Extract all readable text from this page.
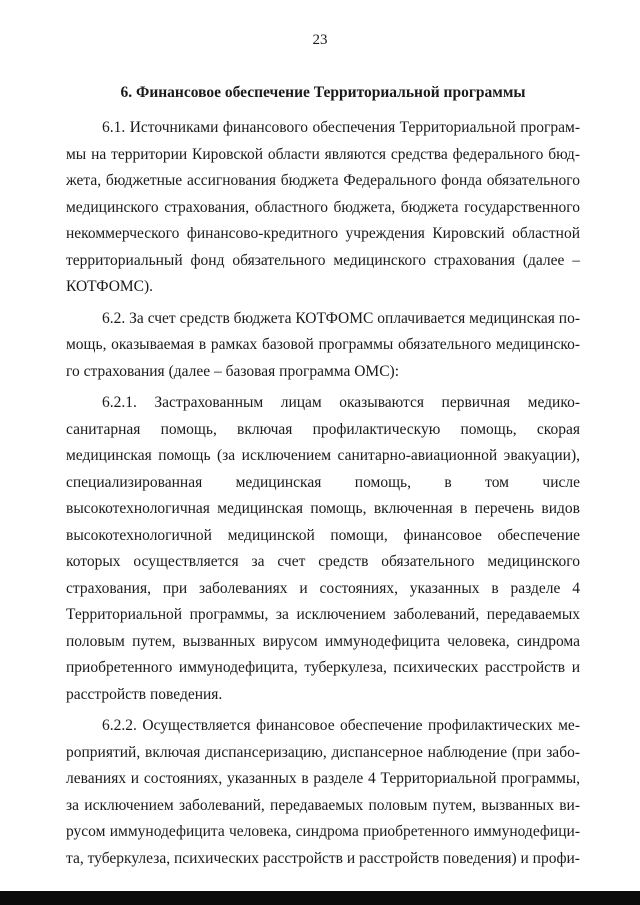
23
6. Финансовое обеспечение Территориальной программы

6.1. Источниками финансового обеспечения Территориальной программы на территории Кировской области являются средства федерального бюджета, бюджетные ассигнования бюджета Федерального фонда обязательного медицинского страхования, областного бюджета, бюджета государственного некоммерческого финансово-кредитного учреждения Кировский областной территориальный фонд обязательного медицинского страхования (далее – КОТФОМС).

6.2. За счет средств бюджета КОТФОМС оплачивается медицинская помощь, оказываемая в рамках базовой программы обязательного медицинского страхования (далее – базовая программа ОМС):

6.2.1. Застрахованным лицам оказываются первичная медико-санитарная помощь, включая профилактическую помощь, скорая медицинская помощь (за исключением санитарно-авиационной эвакуации), специализированная медицинская помощь, в том числе высокотехнологичная медицинская помощь, включенная в перечень видов высокотехнологичной медицинской помощи, финансовое обеспечение которых осуществляется за счет средств обязательного медицинского страхования, при заболеваниях и состояниях, указанных в разделе 4 Территориальной программы, за исключением заболеваний, передаваемых половым путем, вызванных вирусом иммунодефицита человека, синдрома приобретенного иммунодефицита, туберкулеза, психических расстройств и расстройств поведения.

6.2.2. Осуществляется финансовое обеспечение профилактических мероприятий, включая диспансеризацию, диспансерное наблюдение (при заболеваниях и состояниях, указанных в разделе 4 Территориальной программы, за исключением заболеваний, передаваемых половым путем, вызванных вирусом иммунодефицита человека, синдрома приобретенного иммунодефицита, туберкулеза, психических расстройств и расстройств поведения) и профи-
